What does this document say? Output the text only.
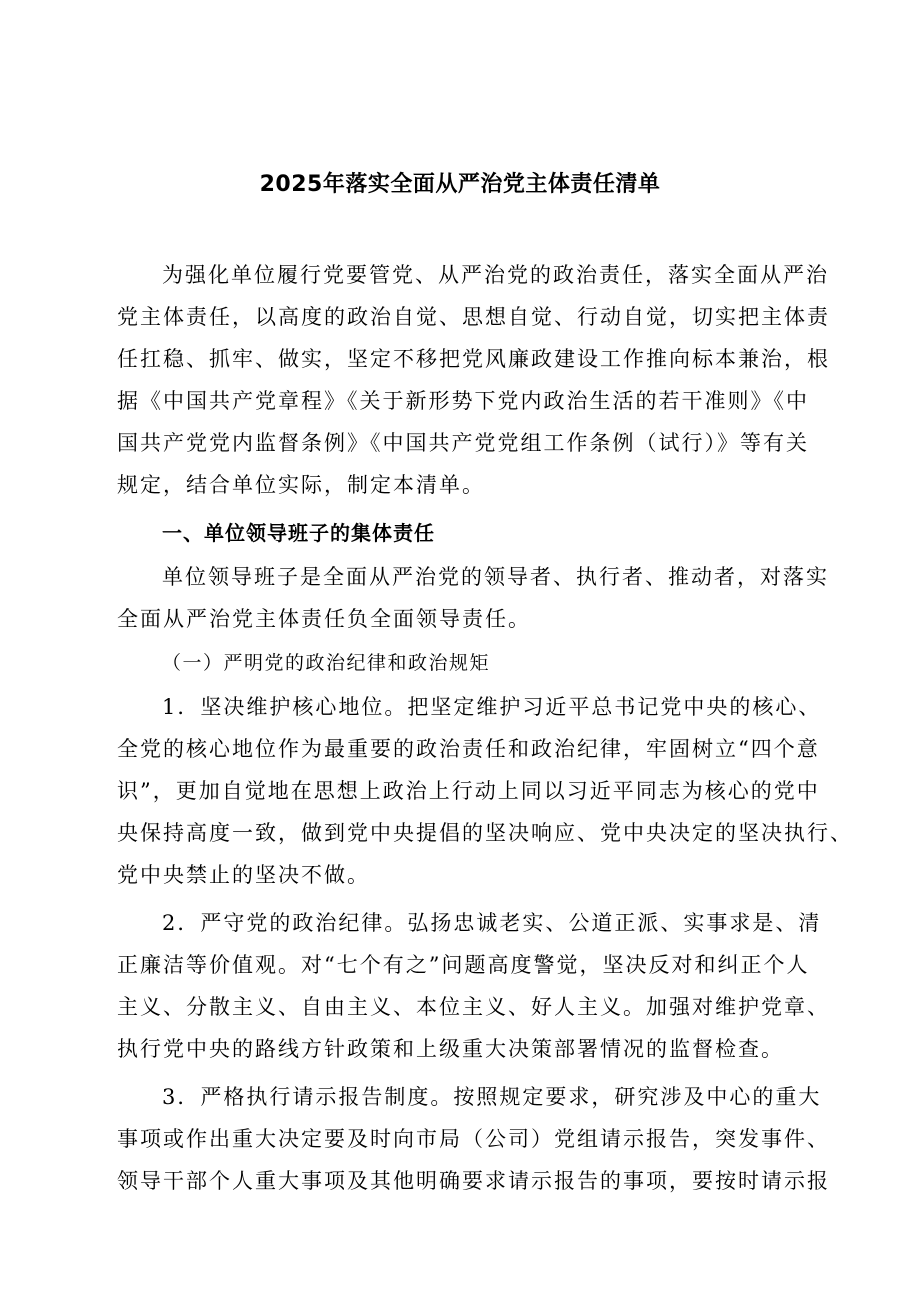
2025年落实全面从严治党主体责任清单
为强化单位履行党要管党、从严治党的政治责任，落实全面从严治
党主体责任，以高度的政治自觉、思想自觉、行动自觉，切实把主体责
任扛稳、抓牢、做实，坚定不移把党风廉政建设工作推向标本兼治，根
据《中国共产党章程》《关于新形势下党内政治生活的若干准则》《中
国共产党党内监督条例》《中国共产党党组工作条例（试行）》等有关
规定，结合单位实际，制定本清单。
一、单位领导班子的集体责任
单位领导班子是全面从严治党的领导者、执行者、推动者，对落实
全面从严治党主体责任负全面领导责任。
（一）严明党的政治纪律和政治规矩
1．坚决维护核心地位。把坚定维护习近平总书记党中央的核心、
全党的核心地位作为最重要的政治责任和政治纪律，牢固树立“四个意
识”，更加自觉地在思想上政治上行动上同以习近平同志为核心的党中
央保持高度一致，做到党中央提倡的坚决响应、党中央决定的坚决执行、
党中央禁止的坚决不做。
2．严守党的政治纪律。弘扬忠诚老实、公道正派、实事求是、清
正廉洁等价值观。对“七个有之”问题高度警觉，坚决反对和纠正个人
主义、分散主义、自由主义、本位主义、好人主义。加强对维护党章、
执行党中央的路线方针政策和上级重大决策部署情况的监督检查。
3．严格执行请示报告制度。按照规定要求，研究涉及中心的重大
事项或作出重大决定要及时向市局（公司）党组请示报告，突发事件、
领导干部个人重大事项及其他明确要求请示报告的事项，要按时请示报
